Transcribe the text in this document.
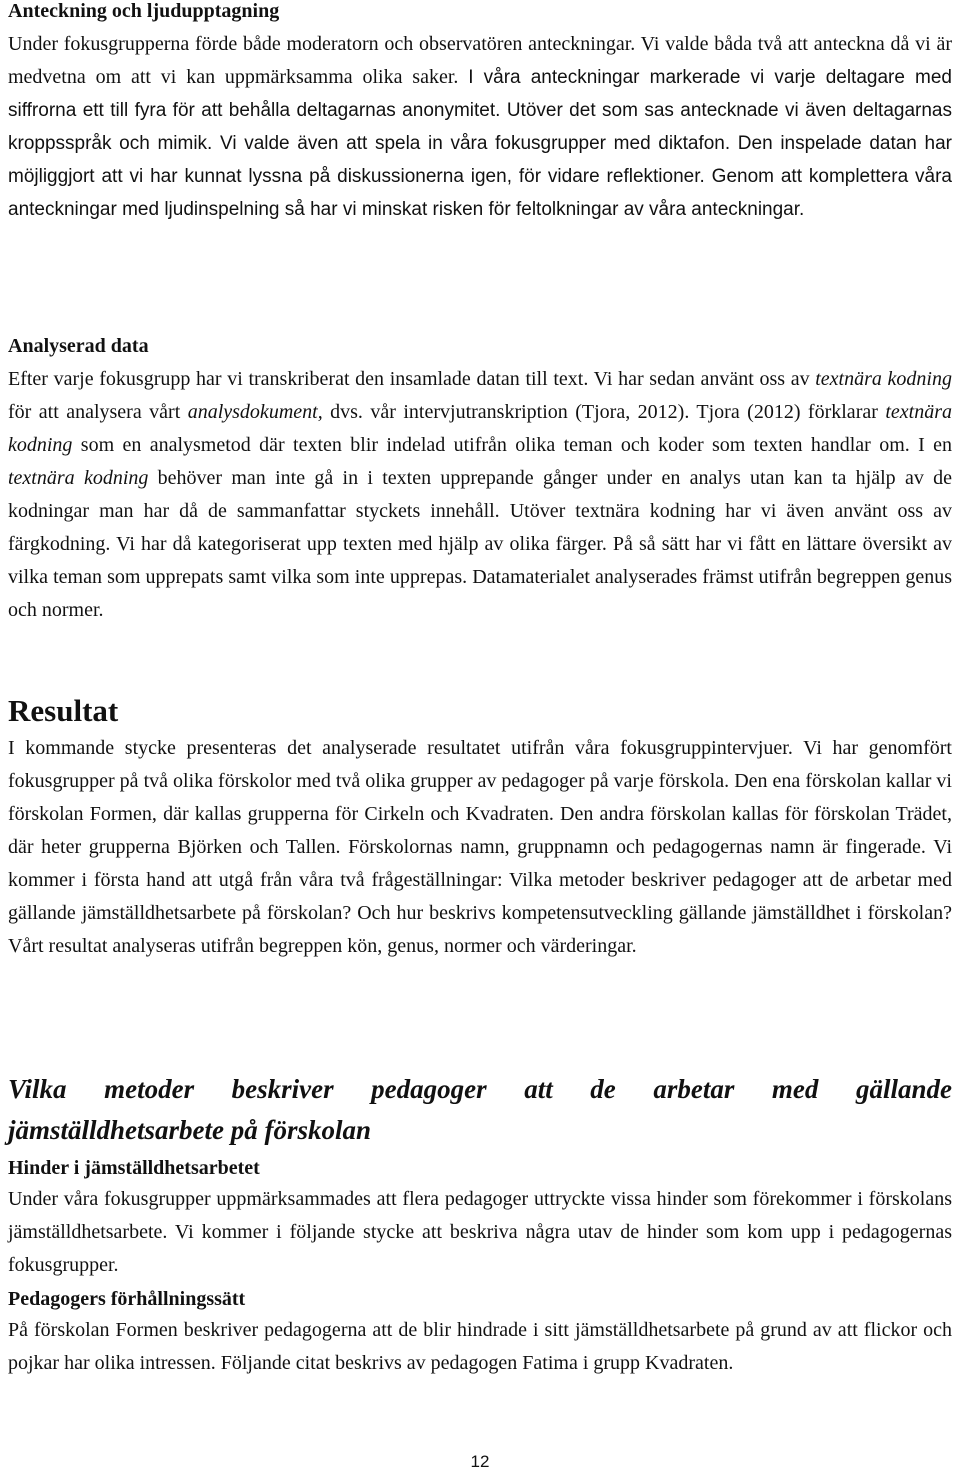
Anteckning och ljudupptagning

Under fokusgrupperna förde både moderatorn och observatören anteckningar. Vi valde båda två att anteckna då vi är medvetna om att vi kan uppmärksamma olika saker. I våra anteckningar markerade vi varje deltagare med siffrorna ett till fyra för att behålla deltagarnas anonymitet. Utöver det som sas antecknade vi även deltagarnas kroppsspråk och mimik. Vi valde även att spela in våra fokusgrupper med diktafon. Den inspelade datan har möjliggjort att vi har kunnat lyssna på diskussionerna igen, för vidare reflektioner. Genom att komplettera våra anteckningar med ljudinspelning så har vi minskat risken för feltolkningar av våra anteckningar.

Analyserad data

Efter varje fokusgrupp har vi transkriberat den insamlade datan till text. Vi har sedan använt oss av textnära kodning för att analysera vårt analysdokument, dvs. vår intervjutranskription (Tjora, 2012). Tjora (2012) förklarar textnära kodning som en analysmetod där texten blir indelad utifrån olika teman och koder som texten handlar om. I en textnära kodning behöver man inte gå in i texten upprepande gånger under en analys utan kan ta hjälp av de kodningar man har då de sammanfattar styckets innehåll. Utöver textnära kodning har vi även använt oss av färgkodning. Vi har då kategoriserat upp texten med hjälp av olika färger. På så sätt har vi fått en lättare översikt av vilka teman som upprepats samt vilka som inte upprepas. Datamaterialet analyserades främst utifrån begreppen genus och normer.

Resultat

I kommande stycke presenteras det analyserade resultatet utifrån våra fokusgruppintervjuer. Vi har genomfört fokusgrupper på två olika förskolor med två olika grupper av pedagoger på varje förskola. Den ena förskolan kallar vi förskolan Formen, där kallas grupperna för Cirkeln och Kvadraten. Den andra förskolan kallas för förskolan Trädet, där heter grupperna Björken och Tallen. Förskolornas namn, gruppnamn och pedagogernas namn är fingerade. Vi kommer i första hand att utgå från våra två frågeställningar: Vilka metoder beskriver pedagoger att de arbetar med gällande jämställdhetsarbete på förskolan? Och hur beskrivs kompetensutveckling gällande jämställdhet i förskolan? Vårt resultat analyseras utifrån begreppen kön, genus, normer och värderingar.

Vilka metoder beskriver pedagoger att de arbetar med gällande
jämställdhetsarbete på förskolan
Hinder i jämställdhetsarbetet

Under våra fokusgrupper uppmärksammades att flera pedagoger uttryckte vissa hinder som förekommer i förskolans jämställdhetsarbete. Vi kommer i följande stycke att beskriva några utav de hinder som kom upp i pedagogernas fokusgrupper.

Pedagogers förhållningssätt

På förskolan Formen beskriver pedagogerna att de blir hindrade i sitt jämställdhetsarbete på grund av att flickor och pojkar har olika intressen. Följande citat beskrivs av pedagogen Fatima i grupp Kvadraten.

12
